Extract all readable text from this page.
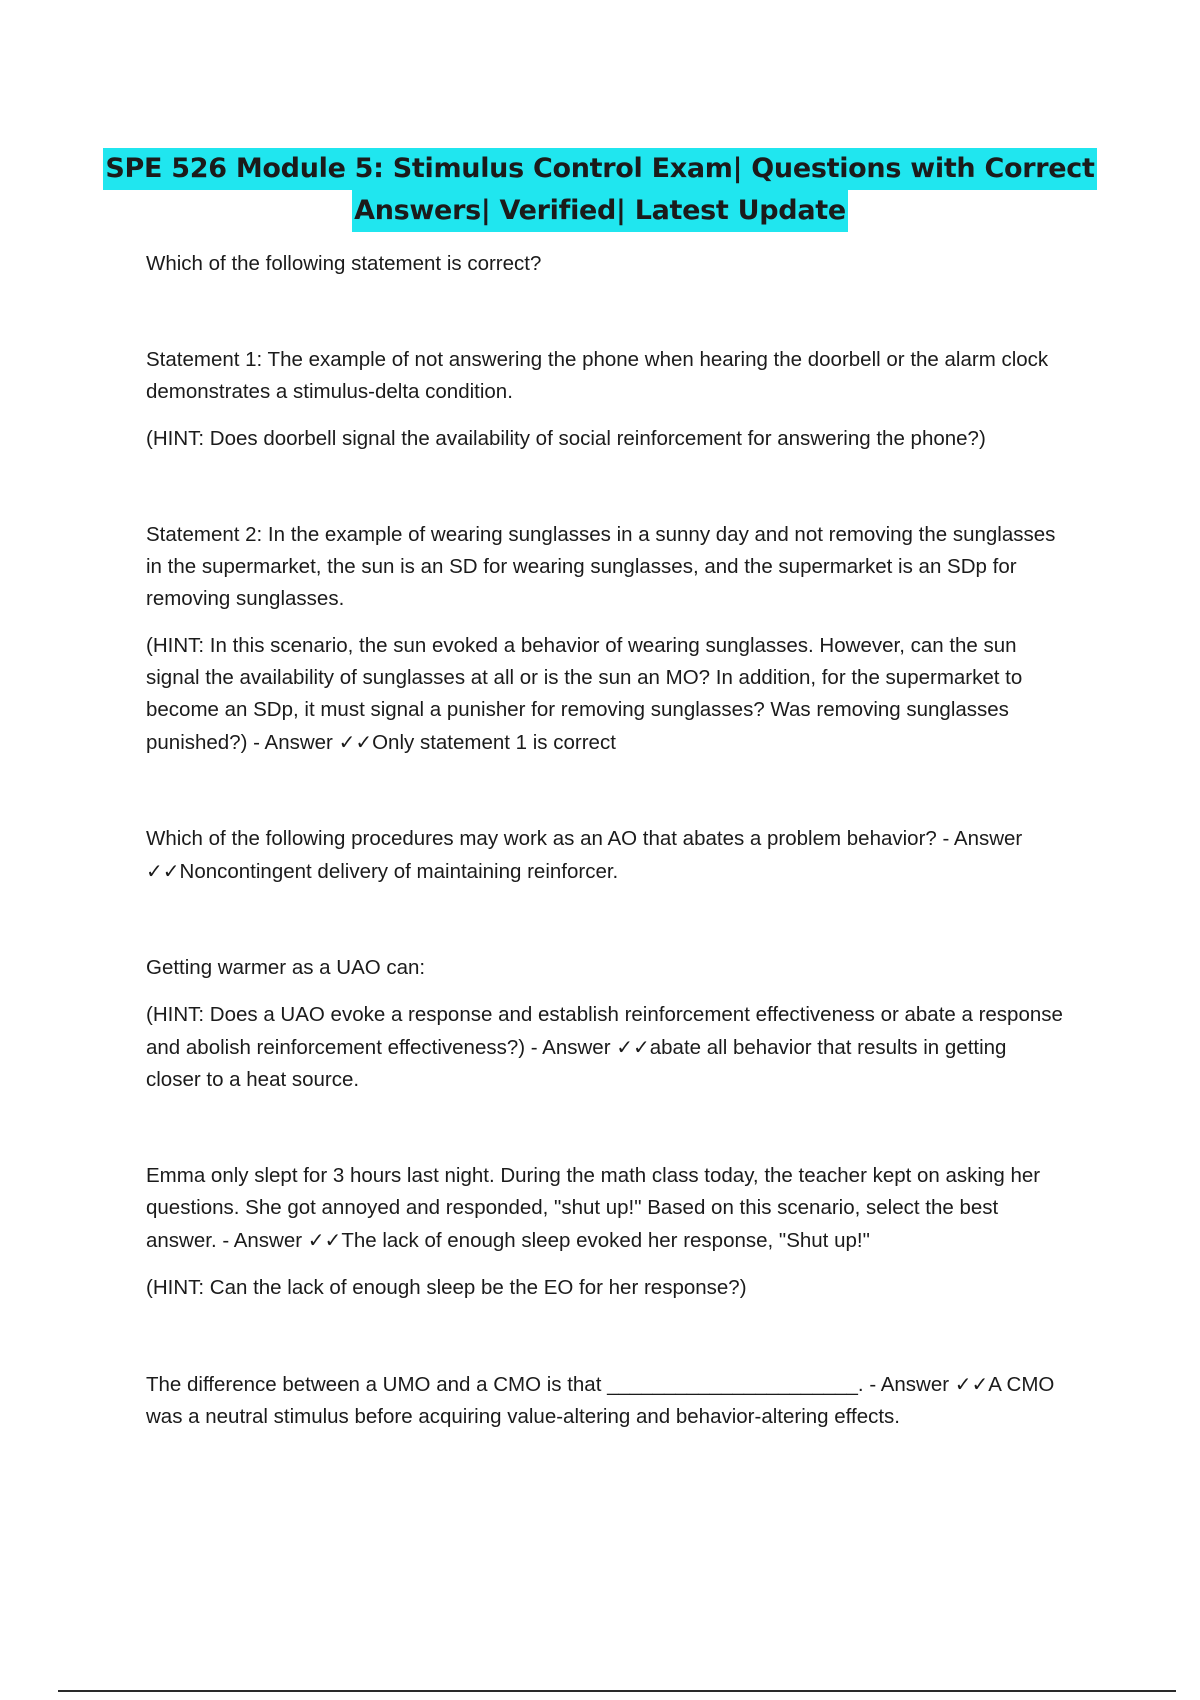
SPE 526 Module 5: Stimulus Control Exam| Questions with Correct
Answers| Verified| Latest Update

Which of the following statement is correct?

Statement 1: The example of not answering the phone when hearing the doorbell or the alarm clock demonstrates a stimulus-delta condition.

(HINT: Does doorbell signal the availability of social reinforcement for answering the phone?)

Statement 2: In the example of wearing sunglasses in a sunny day and not removing the sunglasses in the supermarket, the sun is an SD for wearing sunglasses, and the supermarket is an SDp for removing sunglasses.

(HINT: In this scenario, the sun evoked a behavior of wearing sunglasses. However, can the sun signal the availability of sunglasses at all or is the sun an MO? In addition, for the supermarket to become an SDp, it must signal a punisher for removing sunglasses? Was removing sunglasses punished?) - Answer ✓✓Only statement 1 is correct

Which of the following procedures may work as an AO that abates a problem behavior? - Answer ✓✓Noncontingent delivery of maintaining reinforcer.

Getting warmer as a UAO can:

(HINT: Does a UAO evoke a response and establish reinforcement effectiveness or abate a response and abolish reinforcement effectiveness?) - Answer ✓✓abate all behavior that results in getting closer to a heat source.

Emma only slept for 3 hours last night. During the math class today, the teacher kept on asking her questions. She got annoyed and responded, "shut up!" Based on this scenario, select the best answer. - Answer ✓✓The lack of enough sleep evoked her response, "Shut up!"

(HINT: Can the lack of enough sleep be the EO for her response?)

The difference between a UMO and a CMO is that ______________________. - Answer ✓✓A CMO was a neutral stimulus before acquiring value-altering and behavior-altering effects.
